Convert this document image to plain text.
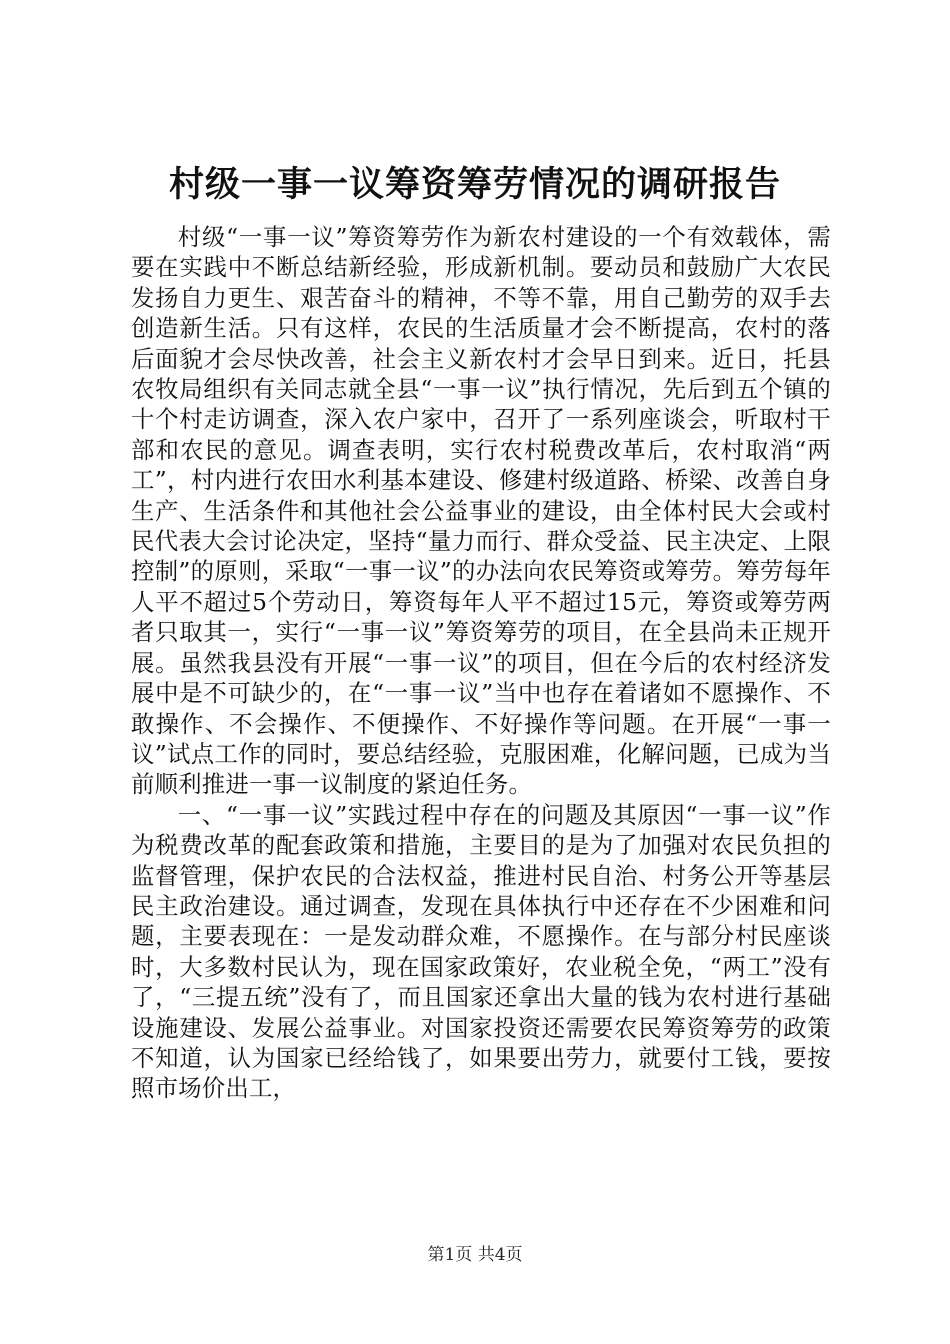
村级一事一议筹资筹劳情况的调研报告

村级“一事一议”筹资筹劳作为新农村建设的一个有效载体，需要在实践中不断总结新经验，形成新机制。要动员和鼓励广大农民发扬自力更生、艰苦奋斗的精神，不等不靠，用自己勤劳的双手去创造新生活。只有这样，农民的生活质量才会不断提高，农村的落后面貌才会尽快改善，社会主义新农村才会早日到来。近日，托县农牧局组织有关同志就全县“一事一议”执行情况，先后到五个镇的十个村走访调查，深入农户家中，召开了一系列座谈会，听取村干部和农民的意见。调查表明，实行农村税费改革后，农村取消“两工”，村内进行农田水利基本建设、修建村级道路、桥梁、改善自身生产、生活条件和其他社会公益事业的建设，由全体村民大会或村民代表大会讨论决定，坚持“量力而行、群众受益、民主决定、上限控制”的原则，采取“一事一议”的办法向农民筹资或筹劳。筹劳每年人平不超过5个劳动日，筹资每年人平不超过15元，筹资或筹劳两者只取其一，实行“一事一议”筹资筹劳的项目，在全县尚未正规开展。虽然我县没有开展“一事一议”的项目，但在今后的农村经济发展中是不可缺少的，在“一事一议”当中也存在着诸如不愿操作、不敢操作、不会操作、不便操作、不好操作等问题。在开展“一事一议”试点工作的同时，要总结经验，克服困难，化解问题，已成为当前顺利推进一事一议制度的紧迫任务。

一、“一事一议”实践过程中存在的问题及其原因“一事一议”作为税费改革的配套政策和措施，主要目的是为了加强对农民负担的监督管理，保护农民的合法权益，推进村民自治、村务公开等基层民主政治建设。通过调查，发现在具体执行中还存在不少困难和问题，主要表现在：一是发动群众难，不愿操作。在与部分村民座谈时，大多数村民认为，现在国家政策好，农业税全免，“两工”没有了，“三提五统”没有了，而且国家还拿出大量的钱为农村进行基础设施建设、发展公益事业。对国家投资还需要农民筹资筹劳的政策不知道，认为国家已经给钱了，如果要出劳力，就要付工钱，要按照市场价出工，

第1页 共4页
